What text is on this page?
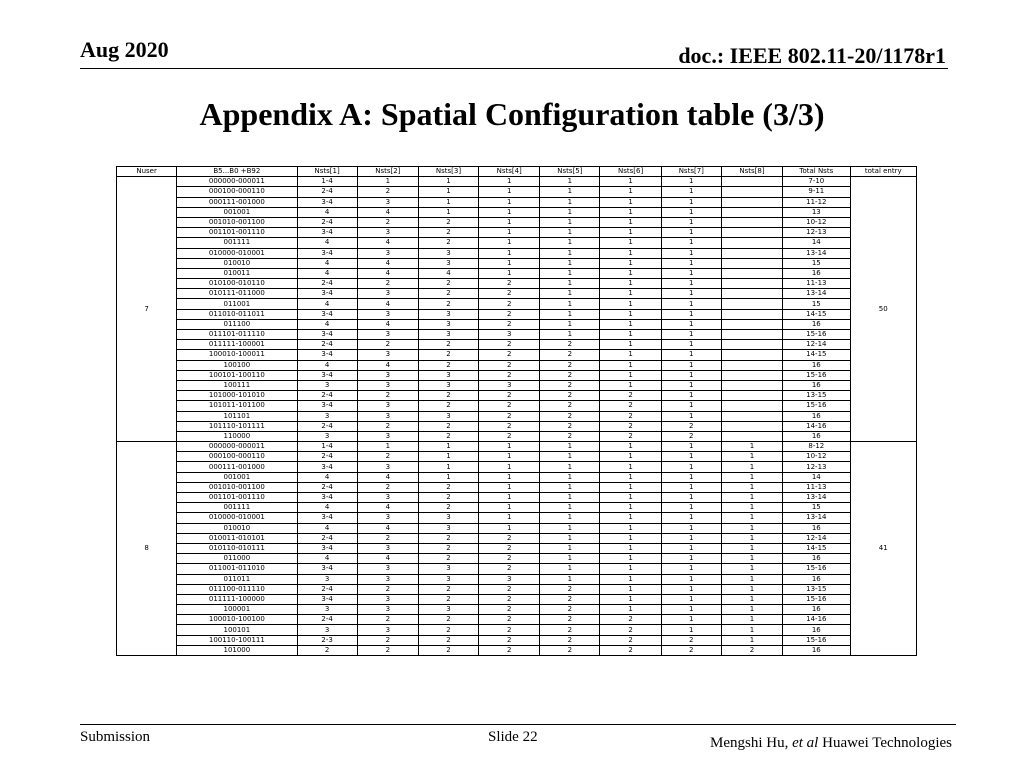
Aug 2020	doc.: IEEE 802.11-20/1178r1
Appendix A: Spatial Configuration table (3/3)
Nuser	B5...B0 +B92	Nsts[1]	Nsts[2]	Nsts[3]	Nsts[4]	Nsts[5]	Nsts[6]	Nsts[7]	Nsts[8]	Total Nsts	total entry
7	000000-000011	1-4	1	1	1	1	1	1		7-10	50
	000100-000110	2-4	2	1	1	1	1	1		9-11	
	000111-001000	3-4	3	1	1	1	1	1		11-12	
	001001	4	4	1	1	1	1	1		13	
	001010-001100	2-4	2	2	1	1	1	1		10-12	
	001101-001110	3-4	3	2	1	1	1	1		12-13	
	001111	4	4	2	1	1	1	1		14	
	010000-010001	3-4	3	3	1	1	1	1		13-14	
	010010	4	4	3	1	1	1	1		15	
	010011	4	4	4	1	1	1	1		16	
	010100-010110	2-4	2	2	2	1	1	1		11-13	
	010111-011000	3-4	3	2	2	1	1	1		13-14	
	011001	4	4	2	2	1	1	1		15	
	011010-011011	3-4	3	3	2	1	1	1		14-15	
	011100	4	4	3	2	1	1	1		16	
	011101-011110	3-4	3	3	3	1	1	1		15-16	
	011111-100001	2-4	2	2	2	2	1	1		12-14	
	100010-100011	3-4	3	2	2	2	1	1		14-15	
	100100	4	4	2	2	2	1	1		16	
	100101-100110	3-4	3	3	2	2	1	1		15-16	
	100111	3	3	3	3	2	1	1		16	
	101000-101010	2-4	2	2	2	2	2	1		13-15	
	101011-101100	3-4	3	2	2	2	2	1		15-16	
	101101	3	3	3	2	2	2	1		16	
	101110-101111	2-4	2	2	2	2	2	2		14-16	
	110000	3	3	2	2	2	2	2		16	
8	000000-000011	1-4	1	1	1	1	1	1	1	8-12	41
	000100-000110	2-4	2	1	1	1	1	1	1	10-12	
	000111-001000	3-4	3	1	1	1	1	1	1	12-13	
	001001	4	4	1	1	1	1	1	1	14	
	001010-001100	2-4	2	2	1	1	1	1	1	11-13	
	001101-001110	3-4	3	2	1	1	1	1	1	13-14	
	001111	4	4	2	1	1	1	1	1	15	
	010000-010001	3-4	3	3	1	1	1	1	1	13-14	
	010010	4	4	3	1	1	1	1	1	16	
	010011-010101	2-4	2	2	2	1	1	1	1	12-14	
	010110-010111	3-4	3	2	2	1	1	1	1	14-15	
	011000	4	4	2	2	1	1	1	1	16	
	011001-011010	3-4	3	3	2	1	1	1	1	15-16	
	011011	3	3	3	3	1	1	1	1	16	
	011100-011110	2-4	2	2	2	2	1	1	1	13-15	
	011111-100000	3-4	3	2	2	2	1	1	1	15-16	
	100001	3	3	3	2	2	1	1	1	16	
	100010-100100	2-4	2	2	2	2	2	1	1	14-16	
	100101	3	3	2	2	2	2	1	1	16	
	100110-100111	2-3	2	2	2	2	2	2	1	15-16	
	101000	2	2	2	2	2	2	2	2	16	
Submission	Slide 22	Mengshi Hu, et al Huawei Technologies
